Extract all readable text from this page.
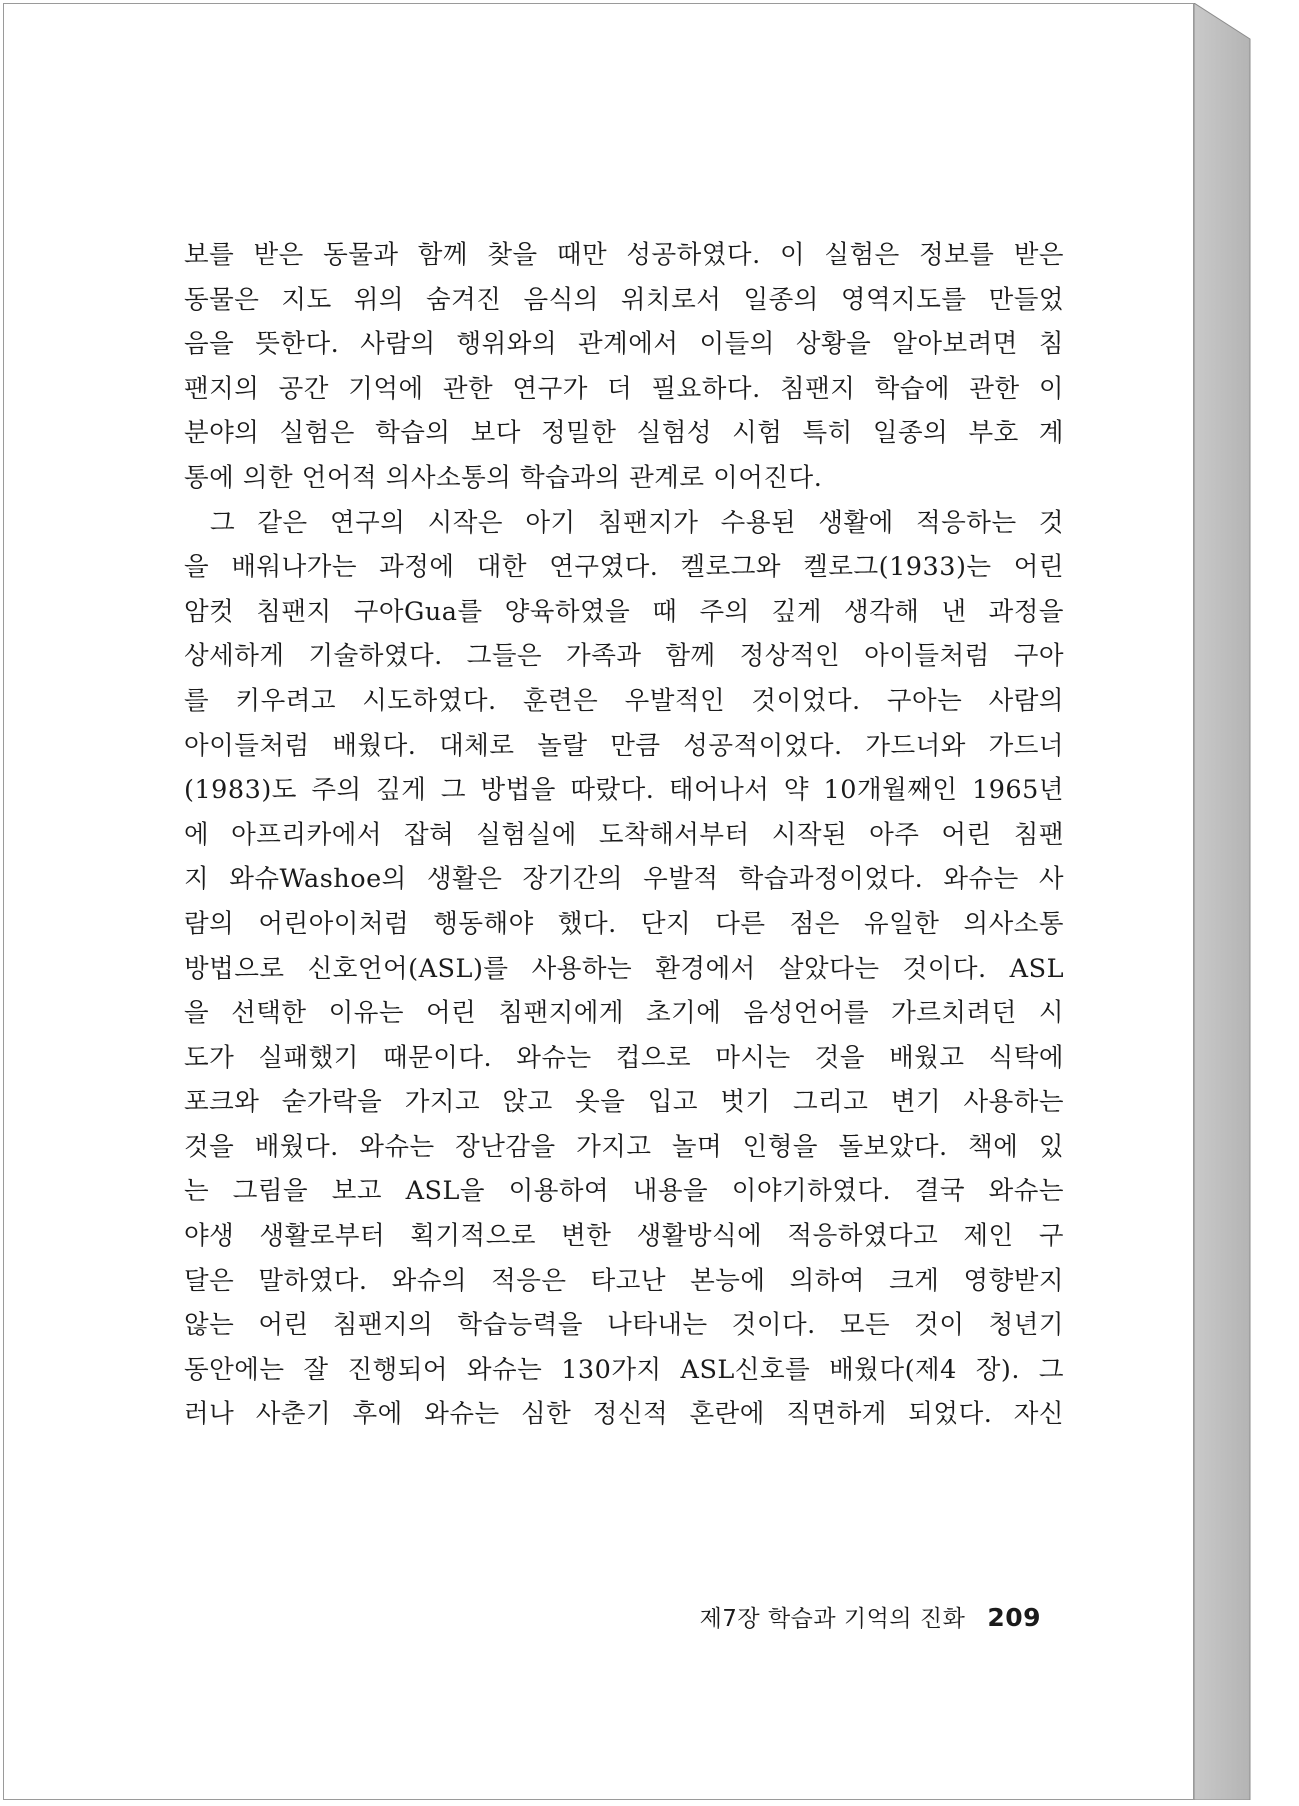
보를 받은 동물과 함께 찾을 때만 성공하였다. 이 실험은 정보를 받은
동물은 지도 위의 숨겨진 음식의 위치로서 일종의 영역지도를 만들었
음을 뜻한다. 사람의 행위와의 관계에서 이들의 상황을 알아보려면 침
팬지의 공간 기억에 관한 연구가 더 필요하다. 침팬지 학습에 관한 이
분야의 실험은 학습의 보다 정밀한 실험성 시험 특히 일종의 부호 계
통에 의한 언어적 의사소통의 학습과의 관계로 이어진다.
그 같은 연구의 시작은 아기 침팬지가 수용된 생활에 적응하는 것
을 배워나가는 과정에 대한 연구였다. 켈로그와 켈로그(1933)는 어린
암컷 침팬지 구아Gua를 양육하였을 때 주의 깊게 생각해 낸 과정을
상세하게 기술하였다. 그들은 가족과 함께 정상적인 아이들처럼 구아
를 키우려고 시도하였다. 훈련은 우발적인 것이었다. 구아는 사람의
아이들처럼 배웠다. 대체로 놀랄 만큼 성공적이었다. 가드너와 가드너
(1983)도 주의 깊게 그 방법을 따랐다. 태어나서 약 10개월째인 1965년
에 아프리카에서 잡혀 실험실에 도착해서부터 시작된 아주 어린 침팬
지 와슈Washoe의 생활은 장기간의 우발적 학습과정이었다. 와슈는 사
람의 어린아이처럼 행동해야 했다. 단지 다른 점은 유일한 의사소통
방법으로 신호언어(ASL)를 사용하는 환경에서 살았다는 것이다. ASL
을 선택한 이유는 어린 침팬지에게 초기에 음성언어를 가르치려던 시
도가 실패했기 때문이다. 와슈는 컵으로 마시는 것을 배웠고 식탁에
포크와 숟가락을 가지고 앉고 옷을 입고 벗기 그리고 변기 사용하는
것을 배웠다. 와슈는 장난감을 가지고 놀며 인형을 돌보았다. 책에 있
는 그림을 보고 ASL을 이용하여 내용을 이야기하였다. 결국 와슈는
야생 생활로부터 획기적으로 변한 생활방식에 적응하였다고 제인 구
달은 말하였다. 와슈의 적응은 타고난 본능에 의하여 크게 영향받지
않는 어린 침팬지의 학습능력을 나타내는 것이다. 모든 것이 청년기
동안에는 잘 진행되어 와슈는 130가지 ASL신호를 배웠다(제4 장). 그
러나 사춘기 후에 와슈는 심한 정신적 혼란에 직면하게 되었다. 자신
제7장 학습과 기억의 진화 209
